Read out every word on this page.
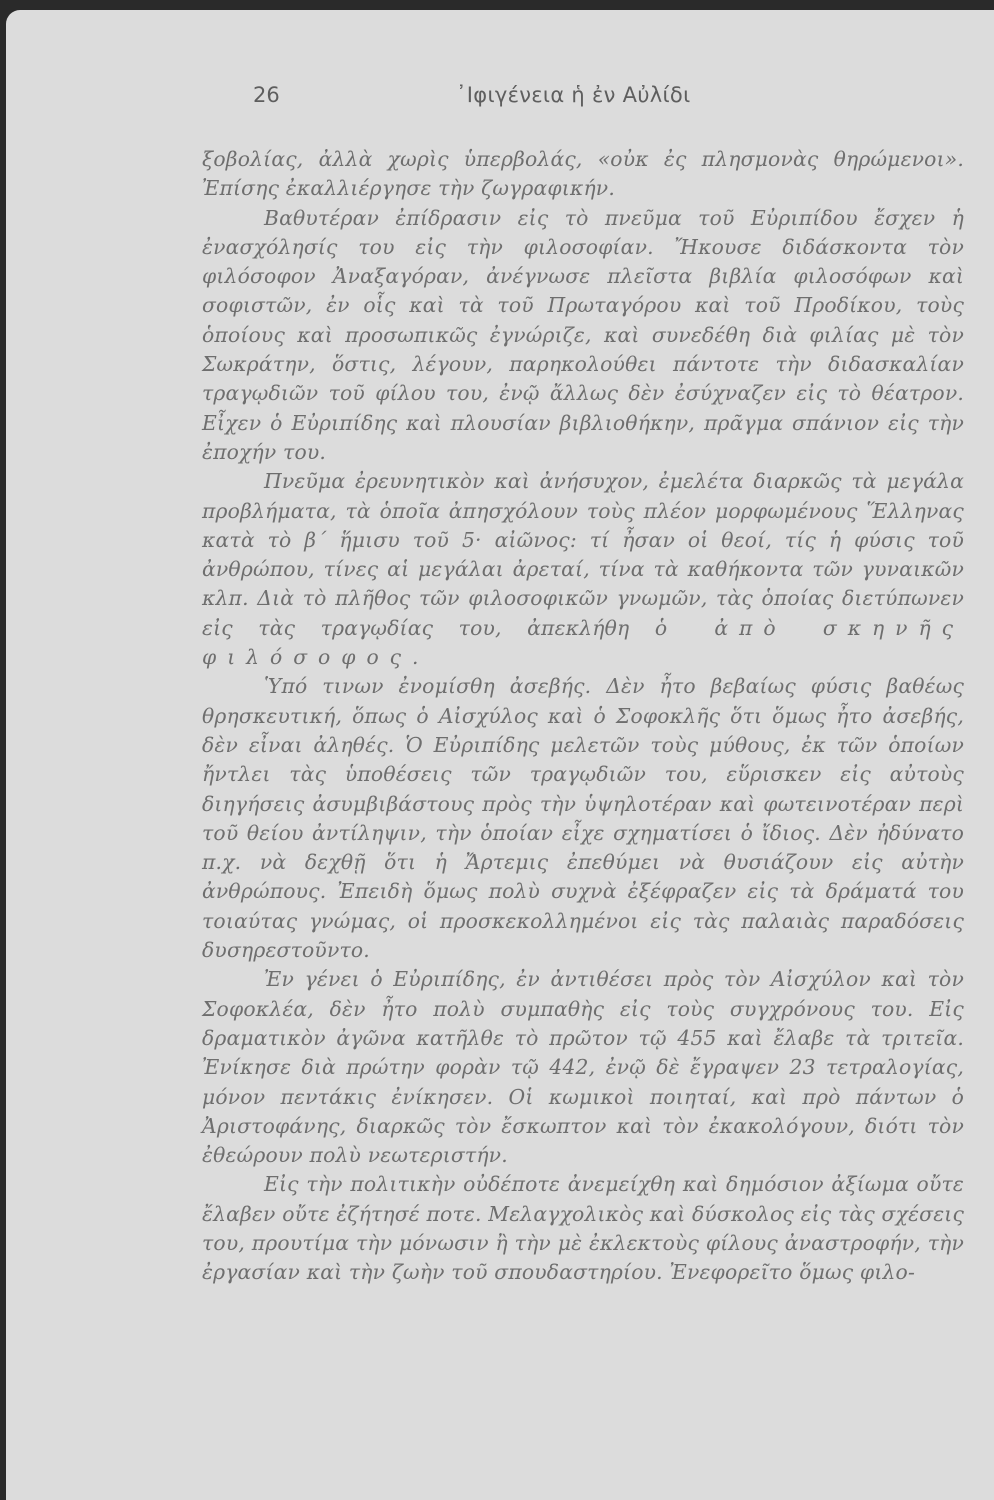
26	᾿Ιφιγένεια ἡ ἐν Αὐλίδι

ξοβολίας, ἀλλὰ χωρὶς ὑπερβολάς, «οὐκ ἐς πλησμονὰς θηρώμενοι». Ἐπίσης ἐκαλλιέργησε τὴν ζωγραφικήν.

Βαθυτέραν ἐπίδρασιν εἰς τὸ πνεῦμα τοῦ Εὐριπίδου ἔσχεν ἡ ἐνασχόλησίς του εἰς τὴν φιλοσοφίαν. Ἤκουσε διδάσκοντα τὸν φιλόσοφον Ἀναξαγόραν, ἀνέγνωσε πλεῖστα βιβλία φιλοσόφων καὶ σοφιστῶν, ἐν οἷς καὶ τὰ τοῦ Πρωταγόρου καὶ τοῦ Προδίκου, τοὺς ὁποίους καὶ προσωπικῶς ἐγνώριζε, καὶ συνεδέθη διὰ φιλίας μὲ τὸν Σωκράτην, ὅστις, λέγουν, παρηκολούθει πάντοτε τὴν διδασκαλίαν τραγῳδιῶν τοῦ φίλου του, ἐνῷ ἄλλως δὲν ἐσύχναζεν εἰς τὸ θέατρον. Εἶχεν ὁ Εὐριπίδης καὶ πλουσίαν βιβλιοθήκην, πρᾶγμα σπάνιον εἰς τὴν ἐποχήν του.

Πνεῦμα ἐρευνητικὸν καὶ ἀνήσυχον, ἐμελέτα διαρκῶς τὰ μεγάλα προβλήματα, τὰ ὁποῖα ἀπησχόλουν τοὺς πλέον μορφωμένους Ἕλληνας κατὰ τὸ β΄ ἥμισυ τοῦ 5· αἰῶνος: τί ἦσαν οἱ θεοί, τίς ἡ φύσις τοῦ ἀνθρώπου, τίνες αἱ μεγάλαι ἀρεταί, τίνα τὰ καθήκοντα τῶν γυναικῶν κλπ. Διὰ τὸ πλῆθος τῶν φιλοσοφικῶν γνωμῶν, τὰς ὁποίας διετύπωνεν εἰς τὰς τραγῳδίας του, ἀπεκλήθη ὁ ἀπὸ σκηνῆς φιλόσοφος.

Ὑπό τινων ἐνομίσθη ἀσεβής. Δὲν ἦτο βεβαίως φύσις βαθέως θρησκευτική, ὅπως ὁ Αἰσχύλος καὶ ὁ Σοφοκλῆς ὅτι ὅμως ἦτο ἀσεβής, δὲν εἶναι ἀληθές. Ὁ Εὐριπίδης μελετῶν τοὺς μύθους, ἐκ τῶν ὁποίων ἤντλει τὰς ὑποθέσεις τῶν τραγῳδιῶν του, εὕρισκεν εἰς αὐτοὺς διηγήσεις ἀσυμβιβάστους πρὸς τὴν ὑψηλοτέραν καὶ φωτεινοτέραν περὶ τοῦ θείου ἀντίληψιν, τὴν ὁποίαν εἶχε σχηματίσει ὁ ἴδιος. Δὲν ἠδύνατο π.χ. νὰ δεχθῇ ὅτι ἡ Ἄρτεμις ἐπεθύμει νὰ θυσιάζουν εἰς αὐτὴν ἀνθρώπους. Ἐπειδὴ ὅμως πολὺ συχνὰ ἐξέφραζεν εἰς τὰ δράματά του τοιαύτας γνώμας, οἱ προσκεκολλημένοι εἰς τὰς παλαιὰς παραδόσεις δυσηρεστοῦντο.

Ἐν γένει ὁ Εὐριπίδης, ἐν ἀντιθέσει πρὸς τὸν Αἰσχύλον καὶ τὸν Σοφοκλέα, δὲν ἦτο πολὺ συμπαθὴς εἰς τοὺς συγχρόνους του. Εἰς δραματικὸν ἀγῶνα κατῆλθε τὸ πρῶτον τῷ 455 καὶ ἔλαβε τὰ τριτεῖα. Ἐνίκησε διὰ πρώτην φορὰν τῷ 442, ἐνῷ δὲ ἔγραψεν 23 τετραλογίας, μόνον πεντάκις ἐνίκησεν. Οἱ κωμικοὶ ποιηταί, καὶ πρὸ πάντων ὁ Ἀριστοφάνης, διαρκῶς τὸν ἔσκωπτον καὶ τὸν ἐκακολόγουν, διότι τὸν ἐθεώρουν πολὺ νεωτεριστήν.

Εἰς τὴν πολιτικὴν οὐδέποτε ἀνεμείχθη καὶ δημόσιον ἀξίωμα οὔτε ἔλαβεν οὔτε ἐζήτησέ ποτε. Μελαγχολικὸς καὶ δύσκολος εἰς τὰς σχέσεις του, προυτίμα τὴν μόνωσιν ἢ τὴν μὲ ἐκλεκτοὺς φίλους ἀναστροφήν, τὴν ἐργασίαν καὶ τὴν ζωὴν τοῦ σπουδαστηρίου. Ἐνεφορεῖτο ὅμως φιλο-
